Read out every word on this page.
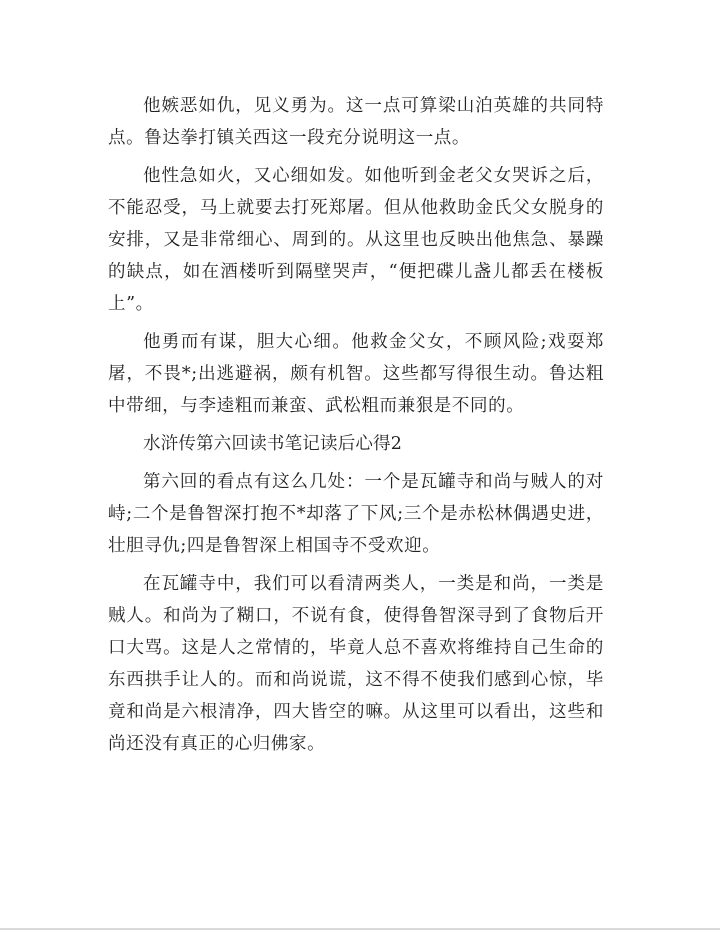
他嫉恶如仇，见义勇为。这一点可算梁山泊英雄的共同特点。鲁达拳打镇关西这一段充分说明这一点。

他性急如火，又心细如发。如他听到金老父女哭诉之后，不能忍受，马上就要去打死郑屠。但从他救助金氏父女脱身的安排，又是非常细心、周到的。从这里也反映出他焦急、暴躁的缺点，如在酒楼听到隔壁哭声，“便把碟儿盏儿都丢在楼板上”。

他勇而有谋，胆大心细。他救金父女，不顾风险;戏耍郑屠，不畏*;出逃避祸，颇有机智。这些都写得很生动。鲁达粗中带细，与李逵粗而兼蛮、武松粗而兼狠是不同的。

水浒传第六回读书笔记读后心得2

第六回的看点有这么几处：一个是瓦罐寺和尚与贼人的对峙;二个是鲁智深打抱不*却落了下风;三个是赤松林偶遇史进，壮胆寻仇;四是鲁智深上相国寺不受欢迎。

在瓦罐寺中，我们可以看清两类人，一类是和尚，一类是贼人。和尚为了糊口，不说有食，使得鲁智深寻到了食物后开口大骂。这是人之常情的，毕竟人总不喜欢将维持自己生命的东西拱手让人的。而和尚说谎，这不得不使我们感到心惊，毕竟和尚是六根清净，四大皆空的嘛。从这里可以看出，这些和尚还没有真正的心归佛家。
